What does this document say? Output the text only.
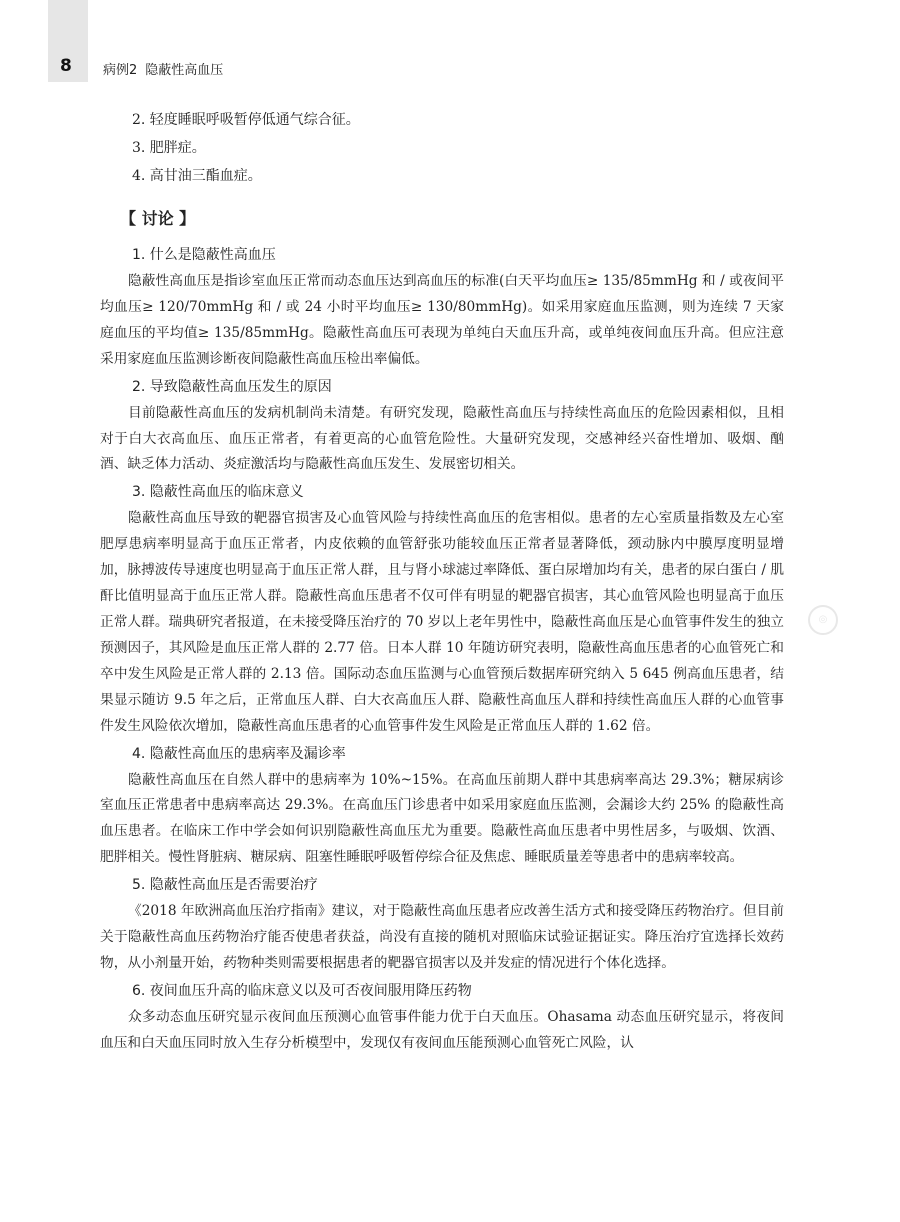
8 病例2 隐蔽性高血压
◎

2. 轻度睡眠呼吸暂停低通气综合征。

3. 肥胖症。

4. 高甘油三酯血症。

【 讨论 】
1. 什么是隐蔽性高血压

隐蔽性高血压是指诊室血压正常而动态血压达到高血压的标准(白天平均血压≥ 135/85mmHg 和 / 或夜间平均血压≥ 120/70mmHg 和 / 或 24 小时平均血压≥ 130/80mmHg)。如采用家庭血压监测，则为连续 7 天家庭血压的平均值≥ 135/85mmHg。隐蔽性高血压可表现为单纯白天血压升高，或单纯夜间血压升高。但应注意采用家庭血压监测诊断夜间隐蔽性高血压检出率偏低。

2. 导致隐蔽性高血压发生的原因

目前隐蔽性高血压的发病机制尚未清楚。有研究发现，隐蔽性高血压与持续性高血压的危险因素相似，且相对于白大衣高血压、血压正常者，有着更高的心血管危险性。大量研究发现，交感神经兴奋性增加、吸烟、酗酒、缺乏体力活动、炎症激活均与隐蔽性高血压发生、发展密切相关。

3. 隐蔽性高血压的临床意义

隐蔽性高血压导致的靶器官损害及心血管风险与持续性高血压的危害相似。患者的左心室质量指数及左心室肥厚患病率明显高于血压正常者，内皮依赖的血管舒张功能较血压正常者显著降低，颈动脉内中膜厚度明显增加，脉搏波传导速度也明显高于血压正常人群，且与肾小球滤过率降低、蛋白尿增加均有关，患者的尿白蛋白 / 肌酐比值明显高于血压正常人群。隐蔽性高血压患者不仅可伴有明显的靶器官损害，其心血管风险也明显高于血压正常人群。瑞典研究者报道，在未接受降压治疗的 70 岁以上老年男性中，隐蔽性高血压是心血管事件发生的独立预测因子，其风险是血压正常人群的 2.77 倍。日本人群 10 年随访研究表明，隐蔽性高血压患者的心血管死亡和卒中发生风险是正常人群的 2.13 倍。国际动态血压监测与心血管预后数据库研究纳入 5 645 例高血压患者，结果显示随访 9.5 年之后，正常血压人群、白大衣高血压人群、隐蔽性高血压人群和持续性高血压人群的心血管事件发生风险依次增加，隐蔽性高血压患者的心血管事件发生风险是正常血压人群的 1.62 倍。

4. 隐蔽性高血压的患病率及漏诊率

隐蔽性高血压在自然人群中的患病率为 10%~15%。在高血压前期人群中其患病率高达 29.3%；糖尿病诊室血压正常患者中患病率高达 29.3%。在高血压门诊患者中如采用家庭血压监测，会漏诊大约 25% 的隐蔽性高血压患者。在临床工作中学会如何识别隐蔽性高血压尤为重要。隐蔽性高血压患者中男性居多，与吸烟、饮酒、肥胖相关。慢性肾脏病、糖尿病、阻塞性睡眠呼吸暂停综合征及焦虑、睡眠质量差等患者中的患病率较高。

5. 隐蔽性高血压是否需要治疗

《2018 年欧洲高血压治疗指南》建议，对于隐蔽性高血压患者应改善生活方式和接受降压药物治疗。但目前关于隐蔽性高血压药物治疗能否使患者获益，尚没有直接的随机对照临床试验证据证实。降压治疗宜选择长效药物，从小剂量开始，药物种类则需要根据患者的靶器官损害以及并发症的情况进行个体化选择。

6. 夜间血压升高的临床意义以及可否夜间服用降压药物

众多动态血压研究显示夜间血压预测心血管事件能力优于白天血压。Ohasama 动态血压研究显示，将夜间血压和白天血压同时放入生存分析模型中，发现仅有夜间血压能预测心血管死亡风险，认
